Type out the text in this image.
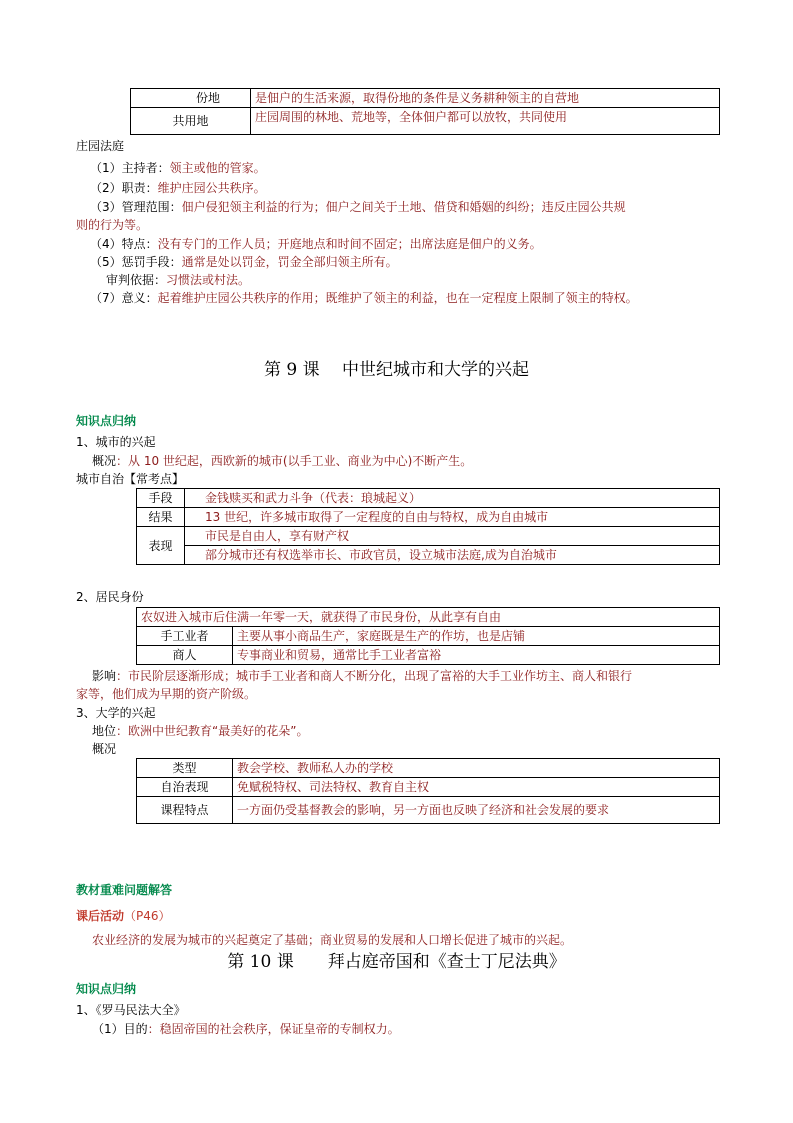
份地	是佃户的生活来源，取得份地的条件是义务耕种领主的自营地
共用地	庄园周围的林地、荒地等，全体佃户都可以放牧，共同使用
庄园法庭
（1）主持者：领主或他的管家。
（2）职责：维护庄园公共秩序。
（3）管理范围：佃户侵犯领主利益的行为；佃户之间关于土地、借贷和婚姻的纠纷；违反庄园公共规
则的行为等。
（4）特点：没有专门的工作人员；开庭地点和时间不固定；出席法庭是佃户的义务。
（5）惩罚手段：通常是处以罚金，罚金全部归领主所有。
审判依据：习惯法或村法。
（7）意义：起着维护庄园公共秩序的作用；既维护了领主的利益，也在一定程度上限制了领主的特权。
第 9 课　 中世纪城市和大学的兴起
知识点归纳
1、城市的兴起
概况：从 10 世纪起，西欧新的城市(以手工业、商业为中心)不断产生。
城市自治【常考点】
手段	金钱赎买和武力斗争（代表：琅城起义）
结果	13 世纪，许多城市取得了一定程度的自由与特权，成为自由城市
表现	市民是自由人，享有财产权
	部分城市还有权选举市长、市政官员，设立城市法庭,成为自治城市
2、居民身份
农奴进入城市后住满一年零一天，就获得了市民身份，从此享有自由	
手工业者	主要从事小商品生产，家庭既是生产的作坊，也是店铺
商人	专事商业和贸易，通常比手工业者富裕
影响：市民阶层逐渐形成；城市手工业者和商人不断分化，出现了富裕的大手工业作坊主、商人和银行
家等，他们成为早期的资产阶级。
3、大学的兴起
地位：欧洲中世纪教育“最美好的花朵”。
概况
类型	教会学校、教师私人办的学校
自治表现	免赋税特权、司法特权、教育自主权
课程特点	一方面仍受基督教会的影响，另一方面也反映了经济和社会发展的要求
教材重难问题解答
课后活动（P46）
农业经济的发展为城市的兴起奠定了基础；商业贸易的发展和人口增长促进了城市的兴起。
第 10 课　　拜占庭帝国和《查士丁尼法典》
知识点归纳
1、《罗马民法大全》
（1）目的：稳固帝国的社会秩序，保证皇帝的专制权力。
